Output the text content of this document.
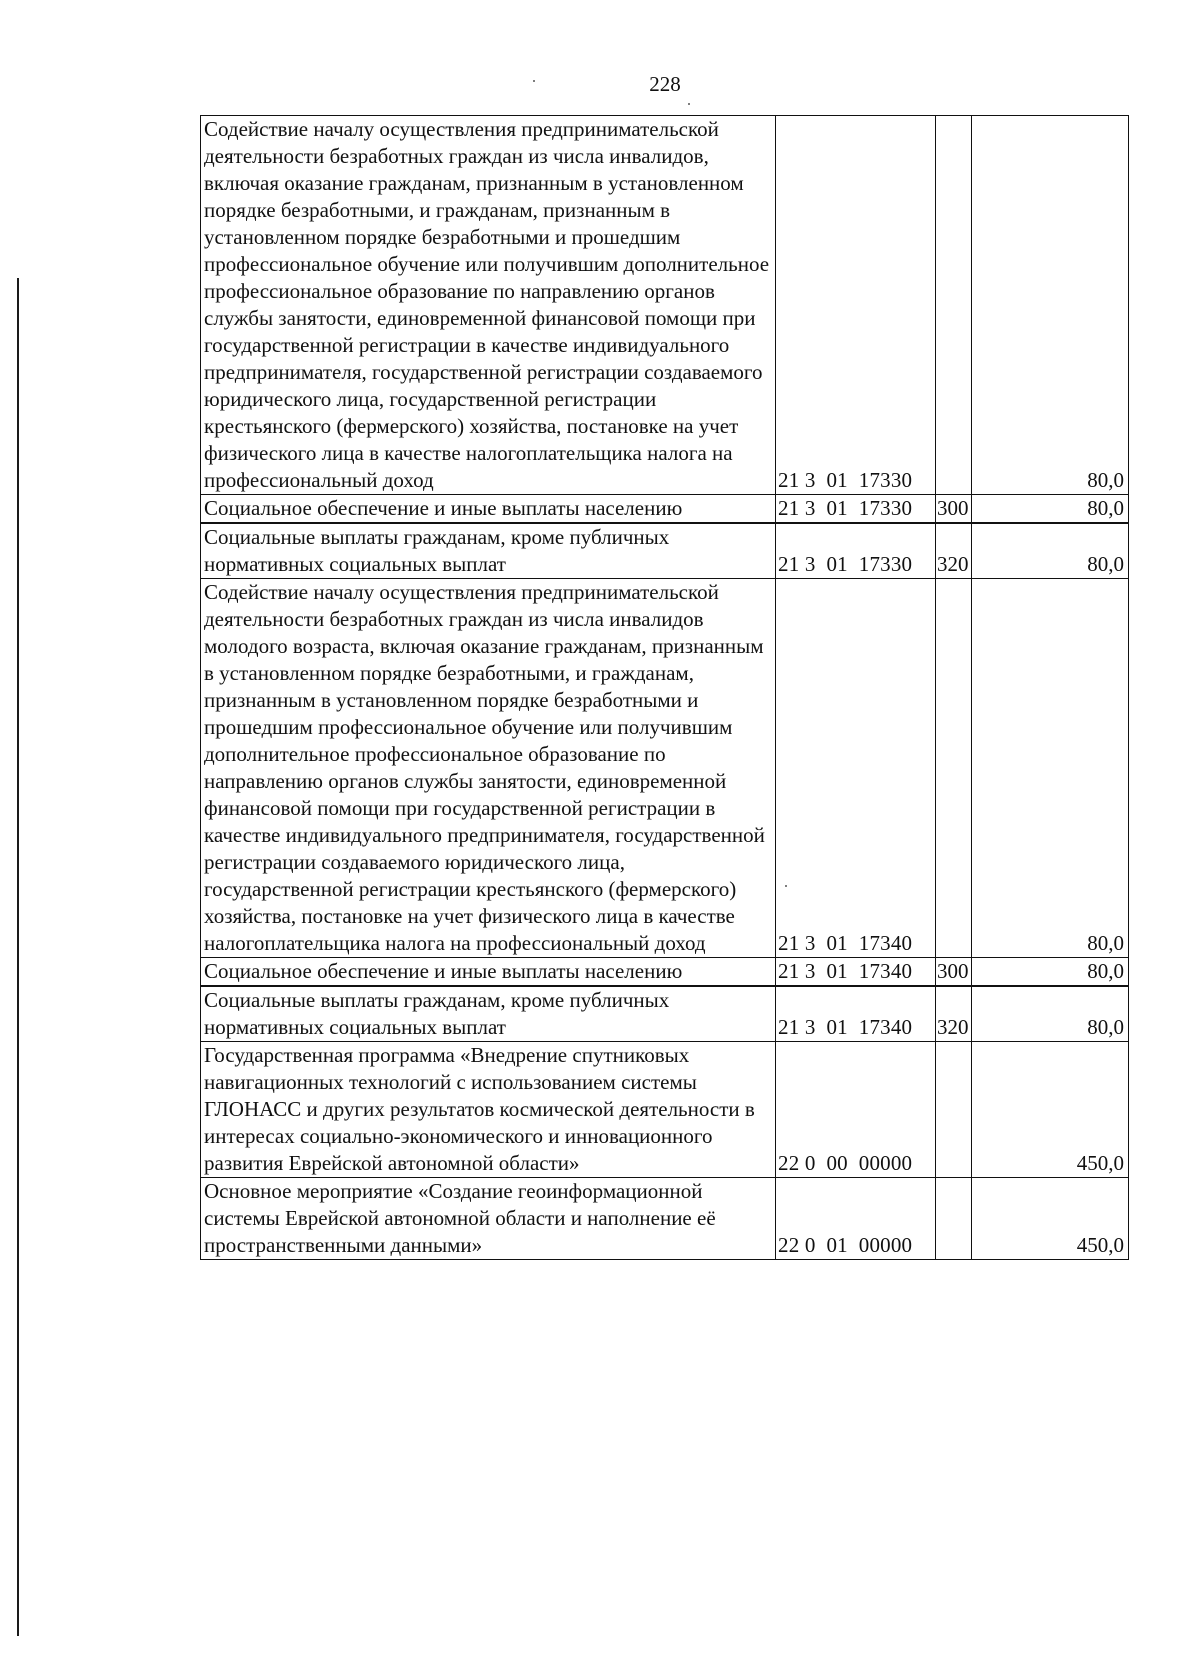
228
Содействие началу осуществления предпринимательской деятельности безработных граждан из числа инвалидов, включая оказание гражданам, признанным в установленном порядке безработными, и гражданам, признанным в установленном порядке безработными и прошедшим профессиональное обучение или получившим дополнительное профессиональное образование по направлению органов службы занятости, единовременной финансовой помощи при государственной регистрации в качестве индивидуального предпринимателя, государственной регистрации создаваемого юридического лица, государственной регистрации крестьянского (фермерского) хозяйства, постановке на учет физического лица в качестве налогоплательщика налога на профессиональный доход	21 3  01  17330		80,0
Социальное обеспечение и иные выплаты населению	21 3  01  17330	300	80,0
Социальные выплаты гражданам, кроме публичных нормативных социальных выплат	21 3  01  17330	320	80,0
Содействие началу осуществления предпринимательской деятельности безработных граждан из числа инвалидов молодого возраста, включая оказание гражданам, признанным в установленном порядке безработными, и гражданам, признанным в установленном порядке безработными и прошедшим профессиональное обучение или получившим дополнительное профессиональное образование по направлению органов службы занятости, единовременной финансовой помощи при государственной регистрации в качестве индивидуального предпринимателя, государственной регистрации создаваемого юридического лица, государственной регистрации крестьянского (фермерского) хозяйства, постановке на учет физического лица в качестве налогоплательщика налога на профессиональный доход	21 3  01  17340		80,0
Социальное обеспечение и иные выплаты населению	21 3  01  17340	300	80,0
Социальные выплаты гражданам, кроме публичных нормативных социальных выплат	21 3  01  17340	320	80,0
Государственная программа «Внедрение спутниковых навигационных технологий с использованием системы ГЛОНАСС и других результатов космической деятельности в интересах социально-экономического и инновационного развития Еврейской автономной области»	22 0  00  00000		450,0
Основное мероприятие «Создание геоинформационной системы Еврейской автономной области и наполнение её пространственными данными»	22 0  01  00000		450,0
